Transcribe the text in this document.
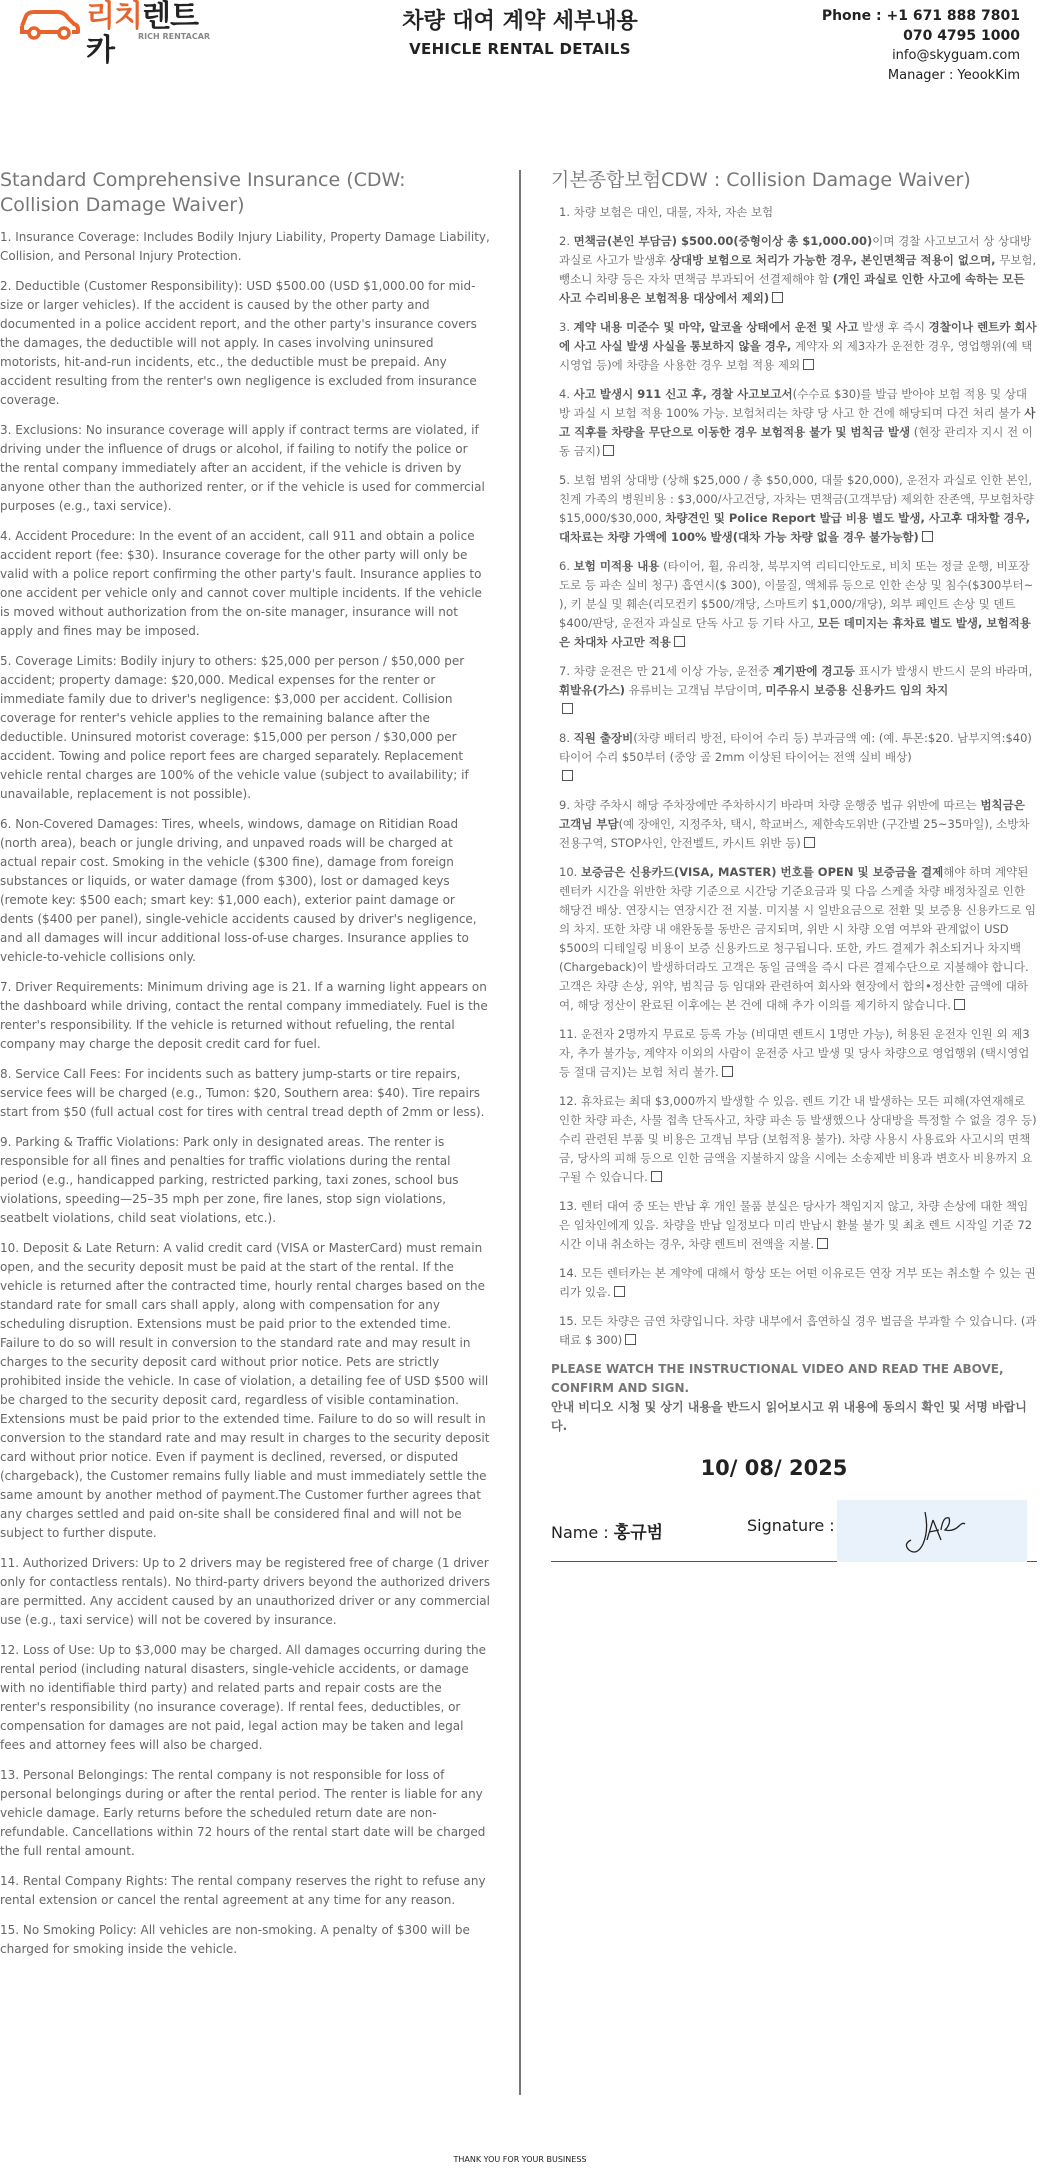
리치렌트카	RICH RENTACAR
차량 대여 계약 세부내용
VEHICLE RENTAL DETAILS
Phone : +1 671 888 7801
070 4795 1000
info@skyguam.com
Manager : YeookKim
Standard Comprehensive Insurance (CDW: Collision Damage Waiver)
1. Insurance Coverage: Includes Bodily Injury Liability, Property Damage Liability, Collision, and Personal Injury Protection.
2. Deductible (Customer Responsibility): USD $500.00 (USD $1,000.00 for mid-size or larger vehicles). If the accident is caused by the other party and documented in a police accident report, and the other party's insurance covers the damages, the deductible will not apply. In cases involving uninsured motorists, hit-and-run incidents, etc., the deductible must be prepaid. Any accident resulting from the renter's own negligence is excluded from insurance coverage.
3. Exclusions: No insurance coverage will apply if contract terms are violated, if driving under the influence of drugs or alcohol, if failing to notify the police or the rental company immediately after an accident, if the vehicle is driven by anyone other than the authorized renter, or if the vehicle is used for commercial purposes (e.g., taxi service).
4. Accident Procedure: In the event of an accident, call 911 and obtain a police accident report (fee: $30). Insurance coverage for the other party will only be valid with a police report confirming the other party's fault. Insurance applies to one accident per vehicle only and cannot cover multiple incidents. If the vehicle is moved without authorization from the on-site manager, insurance will not apply and fines may be imposed.
5. Coverage Limits: Bodily injury to others: $25,000 per person / $50,000 per accident; property damage: $20,000. Medical expenses for the renter or immediate family due to driver's negligence: $3,000 per accident. Collision coverage for renter's vehicle applies to the remaining balance after the deductible. Uninsured motorist coverage: $15,000 per person / $30,000 per accident. Towing and police report fees are charged separately. Replacement vehicle rental charges are 100% of the vehicle value (subject to availability; if unavailable, replacement is not possible).
6. Non-Covered Damages: Tires, wheels, windows, damage on Ritidian Road (north area), beach or jungle driving, and unpaved roads will be charged at actual repair cost. Smoking in the vehicle ($300 fine), damage from foreign substances or liquids, or water damage (from $300), lost or damaged keys (remote key: $500 each; smart key: $1,000 each), exterior paint damage or dents ($400 per panel), single-vehicle accidents caused by driver's negligence, and all damages will incur additional loss-of-use charges. Insurance applies to vehicle-to-vehicle collisions only.
7. Driver Requirements: Minimum driving age is 21. If a warning light appears on the dashboard while driving, contact the rental company immediately. Fuel is the renter's responsibility. If the vehicle is returned without refueling, the rental company may charge the deposit credit card for fuel.
8. Service Call Fees: For incidents such as battery jump-starts or tire repairs, service fees will be charged (e.g., Tumon: $20, Southern area: $40). Tire repairs start from $50 (full actual cost for tires with central tread depth of 2mm or less).
9. Parking & Traffic Violations: Park only in designated areas. The renter is responsible for all fines and penalties for traffic violations during the rental period (e.g., handicapped parking, restricted parking, taxi zones, school bus violations, speeding—25–35 mph per zone, fire lanes, stop sign violations, seatbelt violations, child seat violations, etc.).
10. Deposit & Late Return: A valid credit card (VISA or MasterCard) must remain open, and the security deposit must be paid at the start of the rental. If the vehicle is returned after the contracted time, hourly rental charges based on the standard rate for small cars shall apply, along with compensation for any scheduling disruption. Extensions must be paid prior to the extended time. Failure to do so will result in conversion to the standard rate and may result in charges to the security deposit card without prior notice. Pets are strictly prohibited inside the vehicle. In case of violation, a detailing fee of USD $500 will be charged to the security deposit card, regardless of visible contamination. Extensions must be paid prior to the extended time. Failure to do so will result in conversion to the standard rate and may result in charges to the security deposit card without prior notice. Even if payment is declined, reversed, or disputed (chargeback), the Customer remains fully liable and must immediately settle the same amount by another method of payment.The Customer further agrees that any charges settled and paid on-site shall be considered final and will not be subject to further dispute.
11. Authorized Drivers: Up to 2 drivers may be registered free of charge (1 driver only for contactless rentals). No third-party drivers beyond the authorized drivers are permitted. Any accident caused by an unauthorized driver or any commercial use (e.g., taxi service) will not be covered by insurance.
12. Loss of Use: Up to $3,000 may be charged. All damages occurring during the rental period (including natural disasters, single-vehicle accidents, or damage with no identifiable third party) and related parts and repair costs are the renter's responsibility (no insurance coverage). If rental fees, deductibles, or compensation for damages are not paid, legal action may be taken and legal fees and attorney fees will also be charged.
13. Personal Belongings: The rental company is not responsible for loss of personal belongings during or after the rental period. The renter is liable for any vehicle damage. Early returns before the scheduled return date are non-refundable. Cancellations within 72 hours of the rental start date will be charged the full rental amount.
14. Rental Company Rights: The rental company reserves the right to refuse any rental extension or cancel the rental agreement at any time for any reason.
15. No Smoking Policy: All vehicles are non-smoking. A penalty of $300 will be charged for smoking inside the vehicle.
기본종합보험CDW : Collision Damage Waiver)
1. 차량 보험은 대인, 대물, 자차, 자손 보험
2. 면책금(본인 부담금) $500.00(중형이상 총 $1,000.00)이며 경찰 사고보고서 상 상대방 과실로 사고가 발생후 상대방 보험으로 처리가 가능한 경우, 본인면책금 적용이 없으며, 무보험, 뺑소니 차량 등은 자차 면책금 부과되어 선결제해야 함 (개인 과실로 인한 사고에 속하는 모든 사고 수리비용은 보험적용 대상에서 제외)
3. 계약 내용 미준수 및 마약, 알코올 상태에서 운전 및 사고 발생 후 즉시 경찰이나 렌트카 회사에 사고 사실 발생 사실을 통보하지 않을 경우, 계약자 외 제3자가 운전한 경우, 영업행위(예 택시영업 등)에 차량을 사용한 경우 보험 적용 제외
4. 사고 발생시 911 신고 후, 경찰 사고보고서(수수료 $30)를 발급 받아야 보험 적용 및 상대방 과실 시 보험 적용 100% 가능. 보험처리는 차량 당 사고 한 건에 해당되며 다건 처리 불가 사고 직후를 차량을 무단으로 이동한 경우 보험적용 불가 및 범칙금 발생 (현장 관리자 지시 전 이동 금지)
5. 보험 범위 상대방 (상해 $25,000 / 총 $50,000, 대물 $20,000), 운전자 과실로 인한 본인, 친계 가족의 병원비용 : $3,000/사고건당, 자차는 면책금(고객부담) 제외한 잔존액, 무보험차량 $15,000/$30,000, 차량견인 및 Police Report 발급 비용 별도 발생, 사고후 대차할 경우, 대차료는 차량 가액에 100% 발생(대차 가능 차량 없을 경우 불가능함)
6. 보험 미적용 내용 (타이어, 휠, 유리창, 북부지역 리티디안도로, 비치 또는 정글 운행, 비포장도로 등 파손 실비 청구) 흡연시($ 300), 이물질, 액체류 등으로 인한 손상 및 침수($300부터~ ), 키 분실 및 훼손(리모컨키 $500/개당, 스마트키 $1,000/개당), 외부 페인트 손상 및 덴트 $400/판당, 운전자 과실로 단독 사고 등 기타 사고, 모든 데미지는 휴차료 별도 발생, 보험적용은 차대차 사고만 적용
7. 차량 운전은 만 21세 이상 가능, 운전중 계기판에 경고등 표시가 발생시 반드시 문의 바라며, 휘발유(가스) 유류비는 고객님 부담이며, 미주유시 보증용 신용카드 임의 차지

8. 직원 출장비(차량 배터리 방전, 타이어 수리 등) 부과금액 예: (예. 투몬:$20. 남부지역:$40) 타이어 수리 $50부터 (중앙 골 2mm 이상된 타이어는 전액 실비 배상)

9. 차량 주차시 해당 주차장에만 주차하시기 바라며 차량 운행중 법규 위반에 따르는 범칙금은 고객님 부담(예 장애인, 지정주차, 택시, 학교버스, 제한속도위반 (구간별 25~35마일), 소방차전용구역, STOP사인, 안전벨트, 카시트 위반 등)
10. 보증금은 신용카드(VISA, MASTER) 번호를 OPEN 및 보증금을 결제해야 하며 계약된 렌터카 시간을 위반한 차량 기준으로 시간당 기준요금과 및 다음 스케줄 차량 배정차질로 인한 해당건 배상. 연장시는 연장시간 전 지불. 미지불 시 일반요금으로 전환 및 보증용 신용카드로 임의 차지. 또한 차량 내 애완동물 동반은 금지되며, 위반 시 차량 오염 여부와 관계없이 USD $500의 디테일링 비용이 보증 신용카드로 청구됩니다. 또한, 카드 결제가 취소되거나 차지백(Chargeback)이 발생하더라도 고객은 동일 금액을 즉시 다른 결제수단으로 지불해야 합니다. 고객은 차량 손상, 위약, 범칙금 등 임대와 관련하여 회사와 현장에서 합의•정산한 금액에 대하여, 해당 정산이 완료된 이후에는 본 건에 대해 추가 이의를 제기하지 않습니다.
11. 운전자 2명까지 무료로 등록 가능 (비대면 렌트시 1명만 가능), 허용된 운전자 인원 외 제3자, 추가 불가능, 계약자 이외의 사람이 운전중 사고 발생 및 당사 차량으로 영업행위 (택시영업 등 절대 금지)는 보험 처리 불가.
12. 휴차료는 최대 $3,000까지 발생할 수 있음. 렌트 기간 내 발생하는 모든 피해(자연재해로 인한 차량 파손, 사물 접촉 단독사고, 차량 파손 등 발생했으나 상대방을 특정할 수 없을 경우 등) 수리 관련된 부품 및 비용은 고객님 부담 (보험적용 불가). 차량 사용시 사용료와 사고시의 면책금, 당사의 피해 등으로 인한 금액을 지불하지 않을 시에는 소송제반 비용과 변호사 비용까지 요구될 수 있습니다.
13. 렌터 대여 중 또는 반납 후 개인 물품 분실은 당사가 책임지지 않고, 차량 손상에 대한 책임은 임차인에게 있음. 차량을 반납 일정보다 미리 반납시 환불 불가 및 최초 렌트 시작일 기준 72시간 이내 취소하는 경우, 차량 렌트비 전액을 지불.
14. 모든 렌터카는 본 계약에 대해서 항상 또는 어떤 이유로든 연장 거부 또는 취소할 수 있는 권리가 있음.
15. 모든 차량은 금연 차량입니다. 차량 내부에서 흡연하실 경우 벌금을 부과할 수 있습니다. (과태료 $ 300)
PLEASE WATCH THE INSTRUCTIONAL VIDEO AND READ THE ABOVE, CONFIRM AND SIGN.
안내 비디오 시청 및 상기 내용을 반드시 읽어보시고 위 내용에 동의시 확인 및 서명 바랍니다.
10/ 08/ 2025
Name : 홍규범	Signature :
THANK YOU FOR YOUR BUSINESS
